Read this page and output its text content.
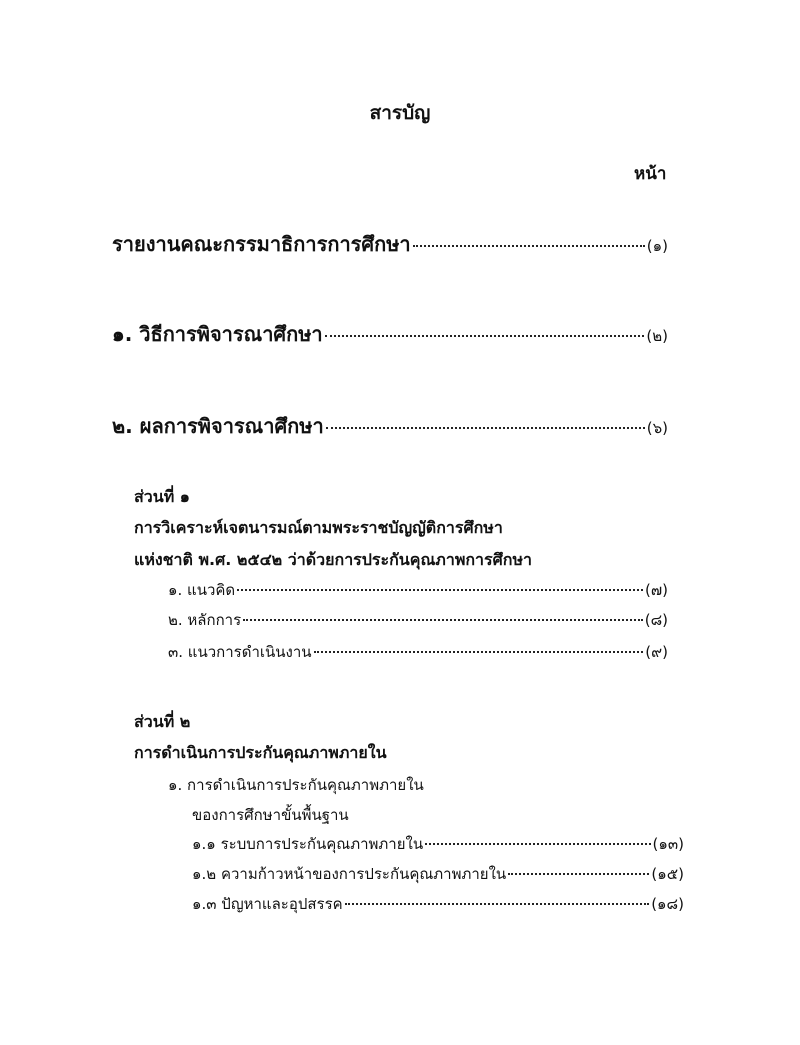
สารบัญ
หน้า
รายงานคณะกรรมาธิการการศึกษา	(๑)
๑. วิธีการพิจารณาศึกษา	(๒)
๒. ผลการพิจารณาศึกษา	(๖)
ส่วนที่ ๑
การวิเคราะห์เจตนารมณ์ตามพระราชบัญญัติการศึกษา
แห่งชาติ พ.ศ. ๒๕๔๒ ว่าด้วยการประกันคุณภาพการศึกษา
๑. แนวคิด	(๗)
๒. หลักการ	(๘)
๓. แนวการดำเนินงาน	(๙)
ส่วนที่ ๒
การดำเนินการประกันคุณภาพภายใน
๑. การดำเนินการประกันคุณภาพภายใน
ของการศึกษาขั้นพื้นฐาน
๑.๑ ระบบการประกันคุณภาพภายใน	(๑๓)
๑.๒ ความก้าวหน้าของการประกันคุณภาพภายใน	(๑๕)
๑.๓ ปัญหาและอุปสรรค	(๑๘)
